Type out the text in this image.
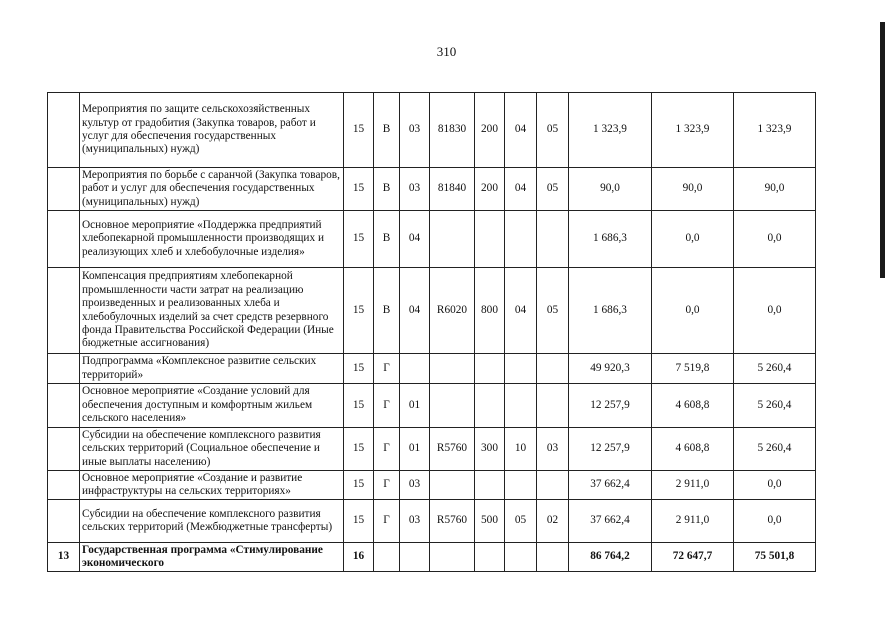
310
	Мероприятия по защите сельскохозяйственных культур от градобития (Закупка товаров, работ и услуг для обеспечения государственных (муниципальных) нужд)	15	В	03	81830	200	04	05	1 323,9	1 323,9	1 323,9
	Мероприятия по борьбе с саранчой (Закупка товаров, работ и услуг для обеспечения государственных (муниципальных) нужд)	15	В	03	81840	200	04	05	90,0	90,0	90,0
	Основное мероприятие «Поддержка предприятий хлебопекарной промышленности производящих и реализующих хлеб и хлебобулочные изделия»	15	В	04					1 686,3	0,0	0,0
	Компенсация предприятиям хлебопекарной промышленности части затрат на реализацию произведенных и реализованных хлеба и хлебобулочных изделий за счет средств резервного фонда Правительства Российской Федерации (Иные бюджетные ассигнования)	15	В	04	R6020	800	04	05	1 686,3	0,0	0,0
	Подпрограмма «Комплексное развитие сельских территорий»	15	Г						49 920,3	7 519,8	5 260,4
	Основное мероприятие «Создание условий для обеспечения доступным и комфортным жильем сельского населения»	15	Г	01					12 257,9	4 608,8	5 260,4
	Субсидии на обеспечение комплексного развития сельских территорий (Социальное обеспечение и иные выплаты населению)	15	Г	01	R5760	300	10	03	12 257,9	4 608,8	5 260,4
	Основное мероприятие «Создание и развитие инфраструктуры на сельских территориях»	15	Г	03					37 662,4	2 911,0	0,0
	Субсидии на обеспечение комплексного развития сельских территорий (Межбюджетные трансферты)	15	Г	03	R5760	500	05	02	37 662,4	2 911,0	0,0
13	Государственная программа «Стимулирование экономического	16							86 764,2	72 647,7	75 501,8
